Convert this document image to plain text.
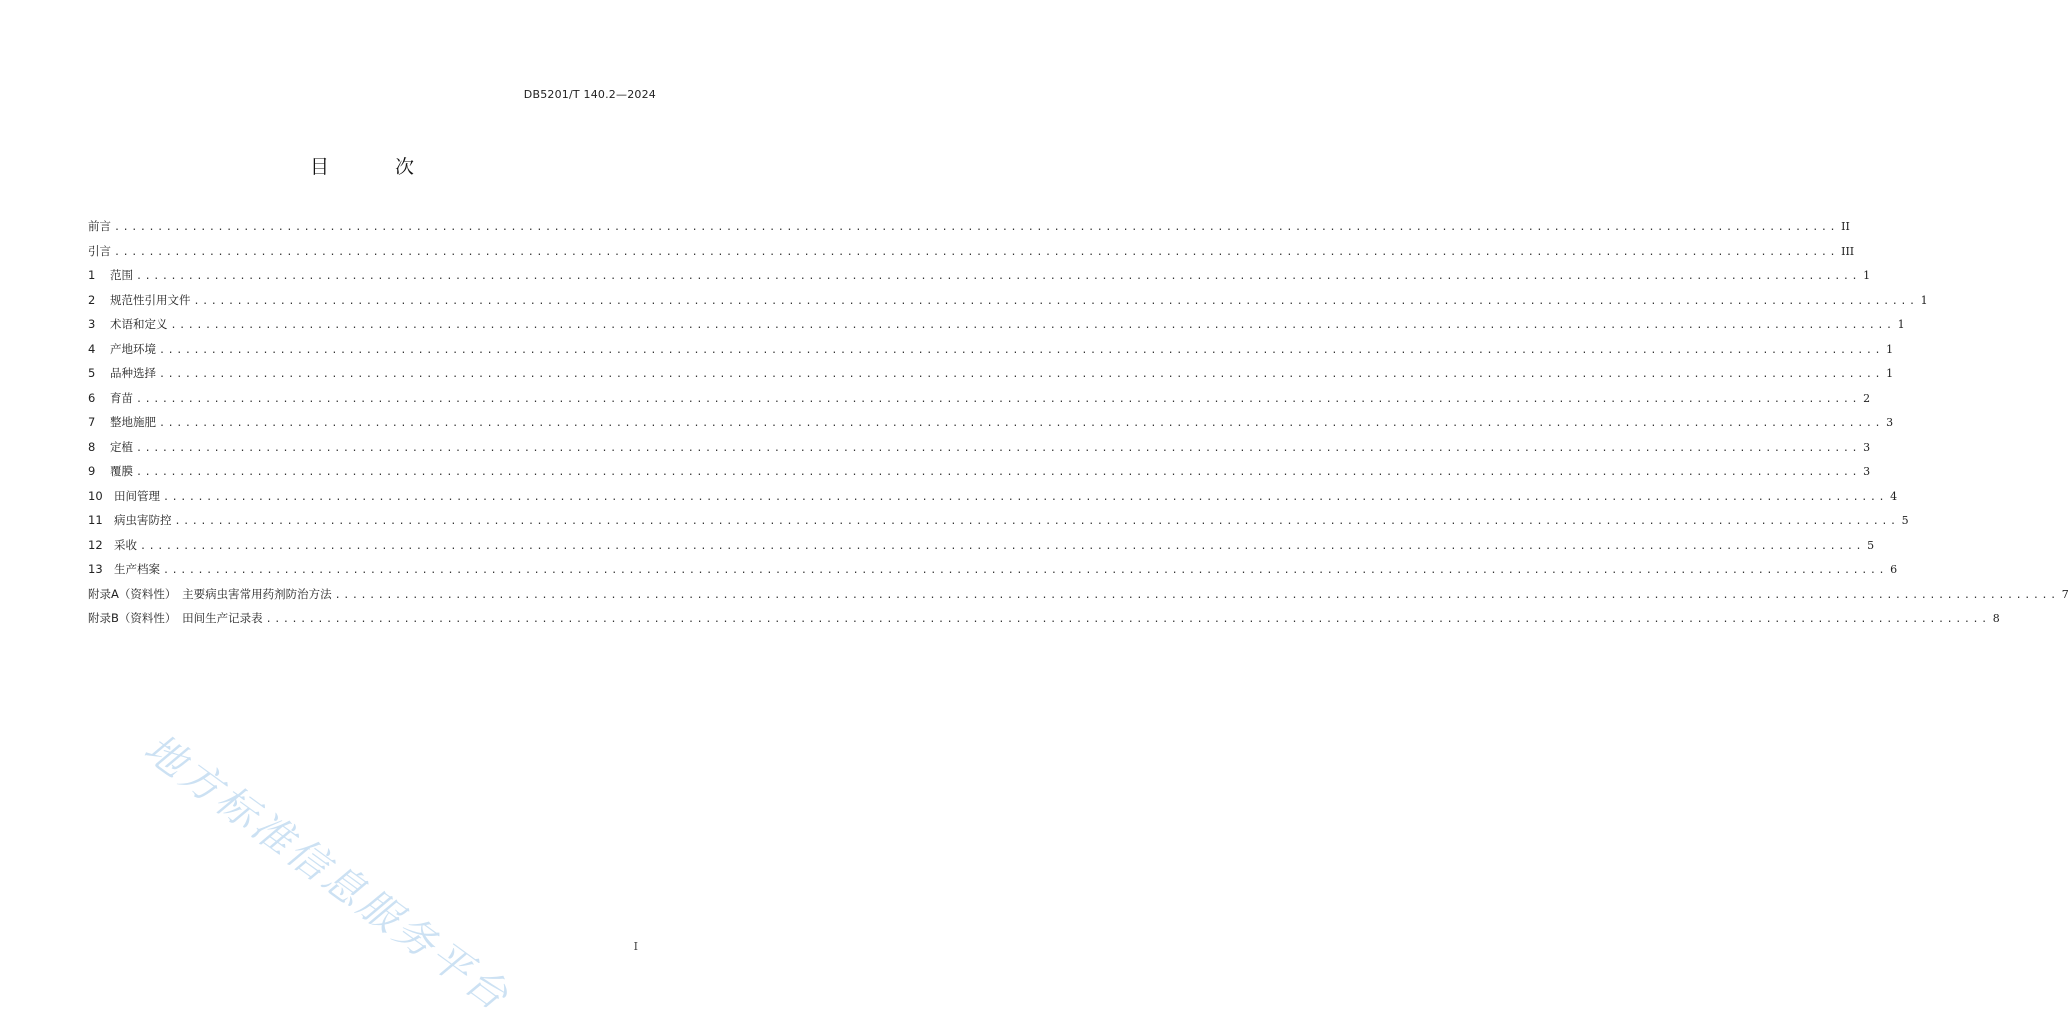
DB5201/T 140.2—2024
目 次
前言 ........................................................................................................................................................................................................ II
引言 ........................................................................................................................................................................................................ III
1	范围 ........................................................................................................................................................................................................ 1
2	规范性引用文件 ........................................................................................................................................................................................................ 1
3	术语和定义 ........................................................................................................................................................................................................ 1
4	产地环境 ........................................................................................................................................................................................................ 1
5	品种选择 ........................................................................................................................................................................................................ 1
6	育苗 ........................................................................................................................................................................................................ 2
7	整地施肥 ........................................................................................................................................................................................................ 3
8	定植 ........................................................................................................................................................................................................ 3
9	覆膜 ........................................................................................................................................................................................................ 3
10 田间管理 ........................................................................................................................................................................................................ 4
11 病虫害防控 ........................................................................................................................................................................................................ 5
12 采收 ........................................................................................................................................................................................................ 5
13 生产档案 ........................................................................................................................................................................................................ 6
附录A（资料性）　主要病虫害常用药剂防治方法 ........................................................................................................................................................................................................ 7
附录B（资料性）　田间生产记录表 ........................................................................................................................................................................................................ 8
地方标准信息服务平台	I
